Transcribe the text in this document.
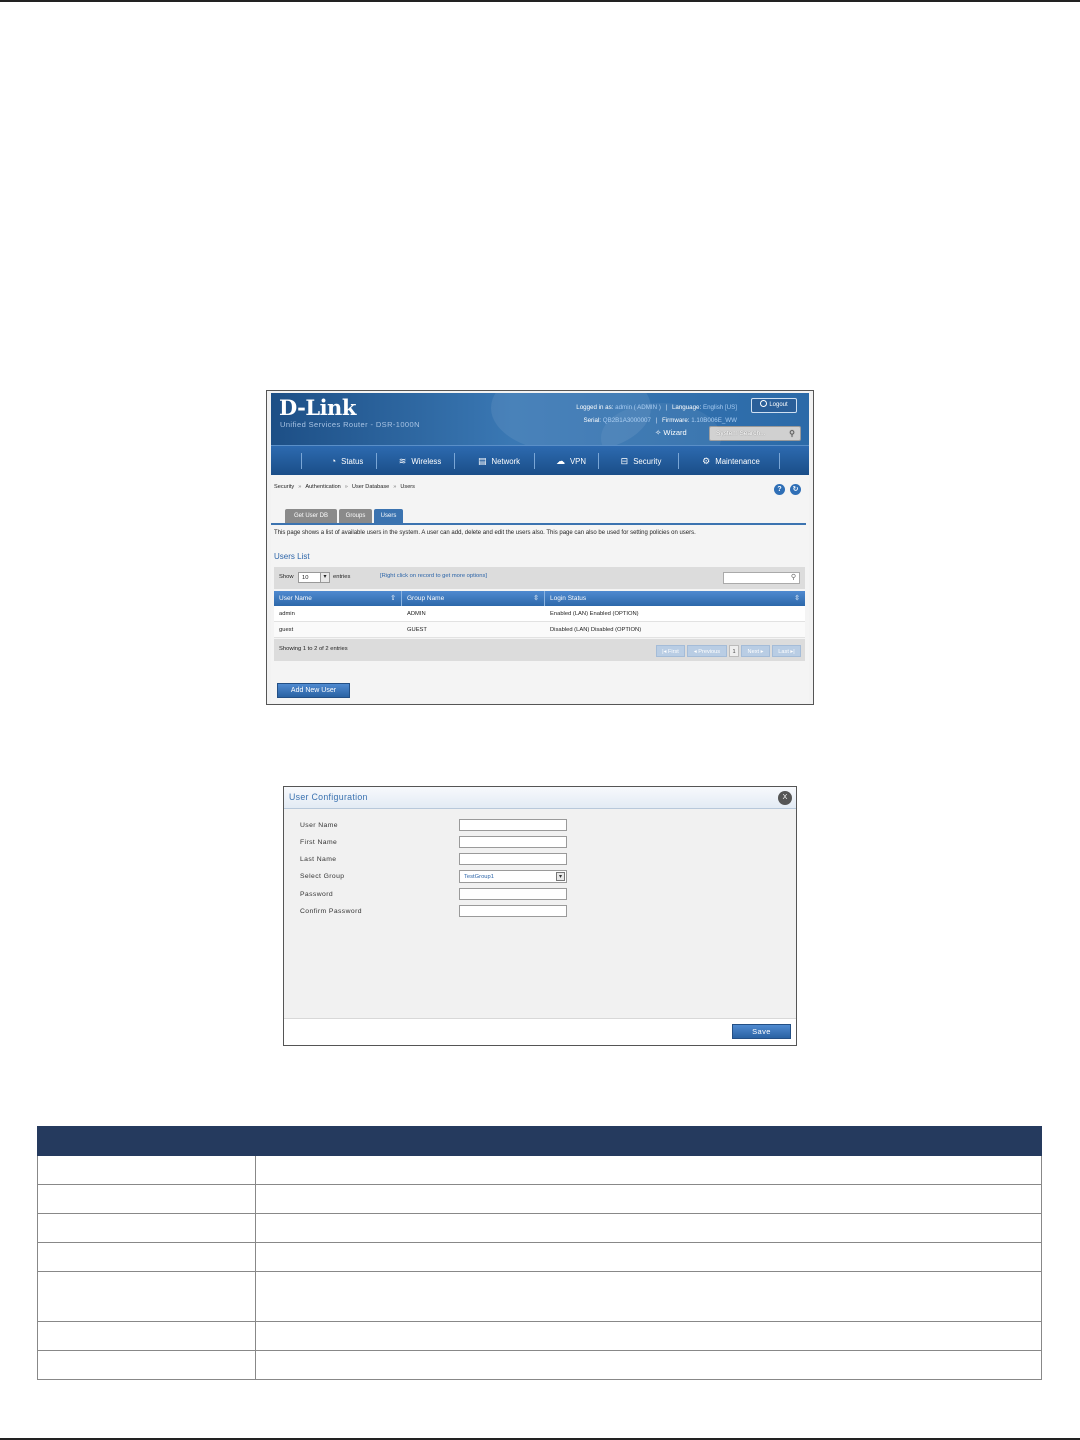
D-Link
Unified Services Router - DSR-1000N
Logged in as: admin ( ADMIN ) | Language: English [US]
Serial: QB2B1A3000007 | Firmware: 1.10B006E_WW
Logout
✧ Wizard	System Search...	⚲
◔ Status	≋ Wireless	▤ Network	☁ VPN	⊟ Security	⚙ Maintenance
Security » Authentication » User Database » Users	?	↻
Get User DB	Groups	Users
This page shows a list of available users in the system. A user can add, delete and edit the users also. This page can also be used for setting policies on users.
Users List
Show	10	▾	entries	[Right click on record to get more options]	⚲
User Name	⇧	Group Name	⇳	Login Status	⇳
admin	ADMIN	Enabled (LAN) Enabled (OPTION)
guest	GUEST	Disabled (LAN) Disabled (OPTION)
Showing 1 to 2 of 2 entries	|◂ First	◂ Previous	1	Next ▸	Last ▸|
Add New User
User Configuration	X
User Name
First Name
Last Name
Select Group	TestGroup1	▾
Password
Confirm Password
Save
